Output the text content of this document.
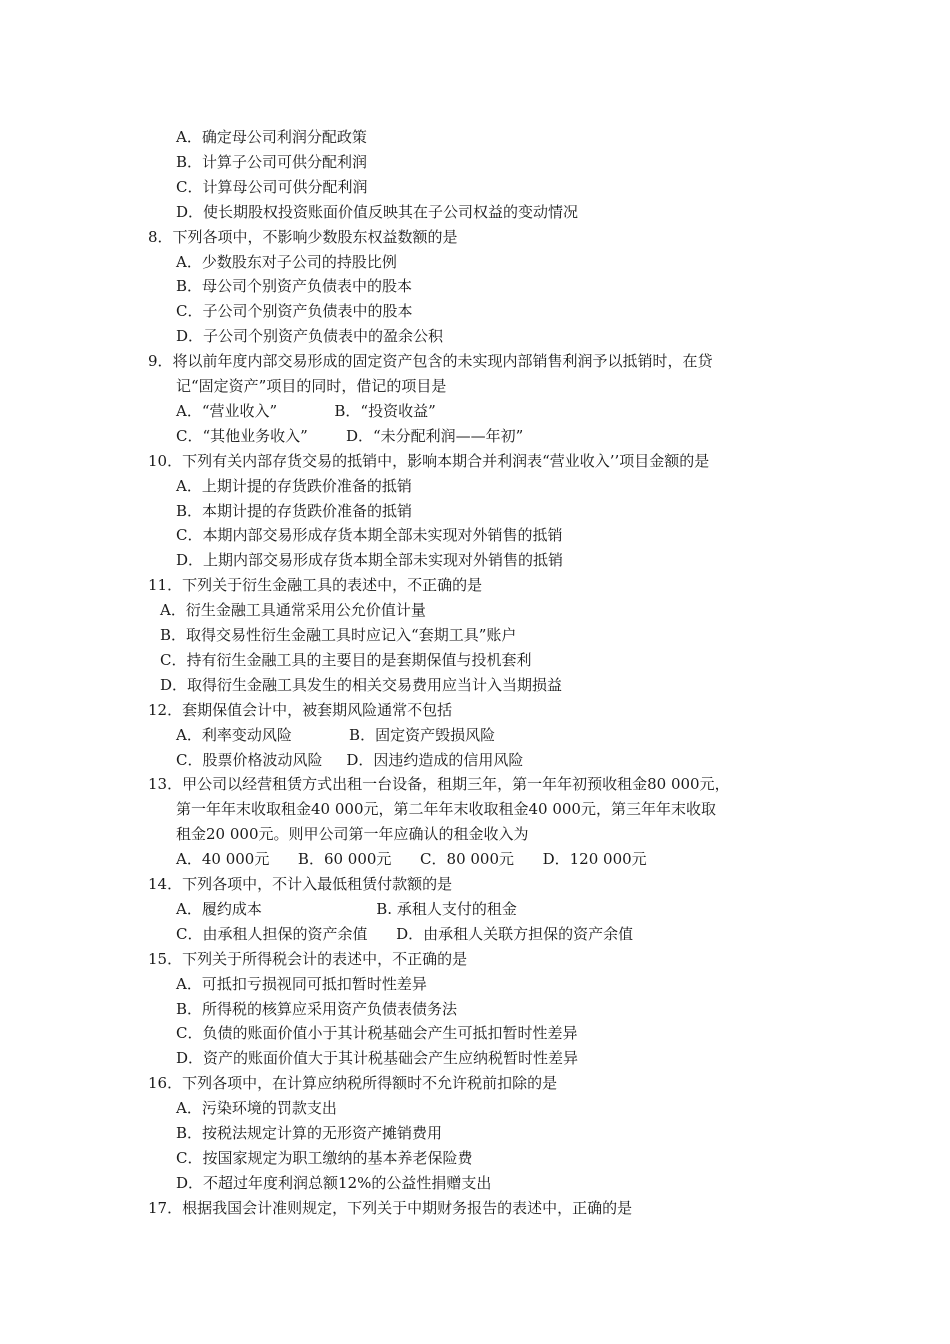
A．确定母公司利润分配政策
B．计算子公司可供分配利润
C．计算母公司可供分配利润
D．使长期股权投资账面价值反映其在子公司权益的变动情况
8．下列各项中，不影响少数股东权益数额的是
A．少数股东对子公司的持股比例
B．母公司个别资产负债表中的股本
C．子公司个别资产负债表中的股本
D．子公司个别资产负债表中的盈余公积
9．将以前年度内部交易形成的固定资产包含的未实现内部销售利润予以抵销时，在贷
记“固定资产”项目的同时，借记的项目是
A．“营业收入”            B．“投资收益”
C．“其他业务收入”        D．“未分配利润——年初”
10．下列有关内部存货交易的抵销中，影响本期合并利润表“营业收入’’项目金额的是
A．上期计提的存货跌价准备的抵销
B．本期计提的存货跌价准备的抵销
C．本期内部交易形成存货本期全部未实现对外销售的抵销
D．上期内部交易形成存货本期全部未实现对外销售的抵销
11．下列关于衍生金融工具的表述中，不正确的是
A．衍生金融工具通常采用公允价值计量
B．取得交易性衍生金融工具时应记入“套期工具”账户
C．持有衍生金融工具的主要目的是套期保值与投机套利
D．取得衍生金融工具发生的相关交易费用应当计入当期损益
12．套期保值会计中，被套期风险通常不包括
A．利率变动风险            B．固定资产毁损风险
C．股票价格波动风险     D．因违约造成的信用风险
13．甲公司以经营租赁方式出租一台设备，租期三年，第一年年初预收租金80 000元，
第一年年末收取租金40 000元，第二年年末收取租金40 000元，第三年年末收取
租金20 000元。则甲公司第一年应确认的租金收入为
A．40 000元      B．60 000元      C．80 000元      D．120 000元
14．下列各项中，不计入最低租赁付款额的是
A．履约成本                        B. 承租人支付的租金
C．由承租人担保的资产余值      D．由承租人关联方担保的资产余值
15．下列关于所得税会计的表述中，不正确的是
A．可抵扣亏损视同可抵扣暂时性差异
B．所得税的核算应采用资产负债表债务法
C．负债的账面价值小于其计税基础会产生可抵扣暂时性差异
D．资产的账面价值大于其计税基础会产生应纳税暂时性差异
16．下列各项中，在计算应纳税所得额时不允许税前扣除的是
A．污染环境的罚款支出
B．按税法规定计算的无形资产摊销费用
C．按国家规定为职工缴纳的基本养老保险费
D．不超过年度利润总额12%的公益性捐赠支出
17．根据我国会计准则规定，下列关于中期财务报告的表述中，正确的是
